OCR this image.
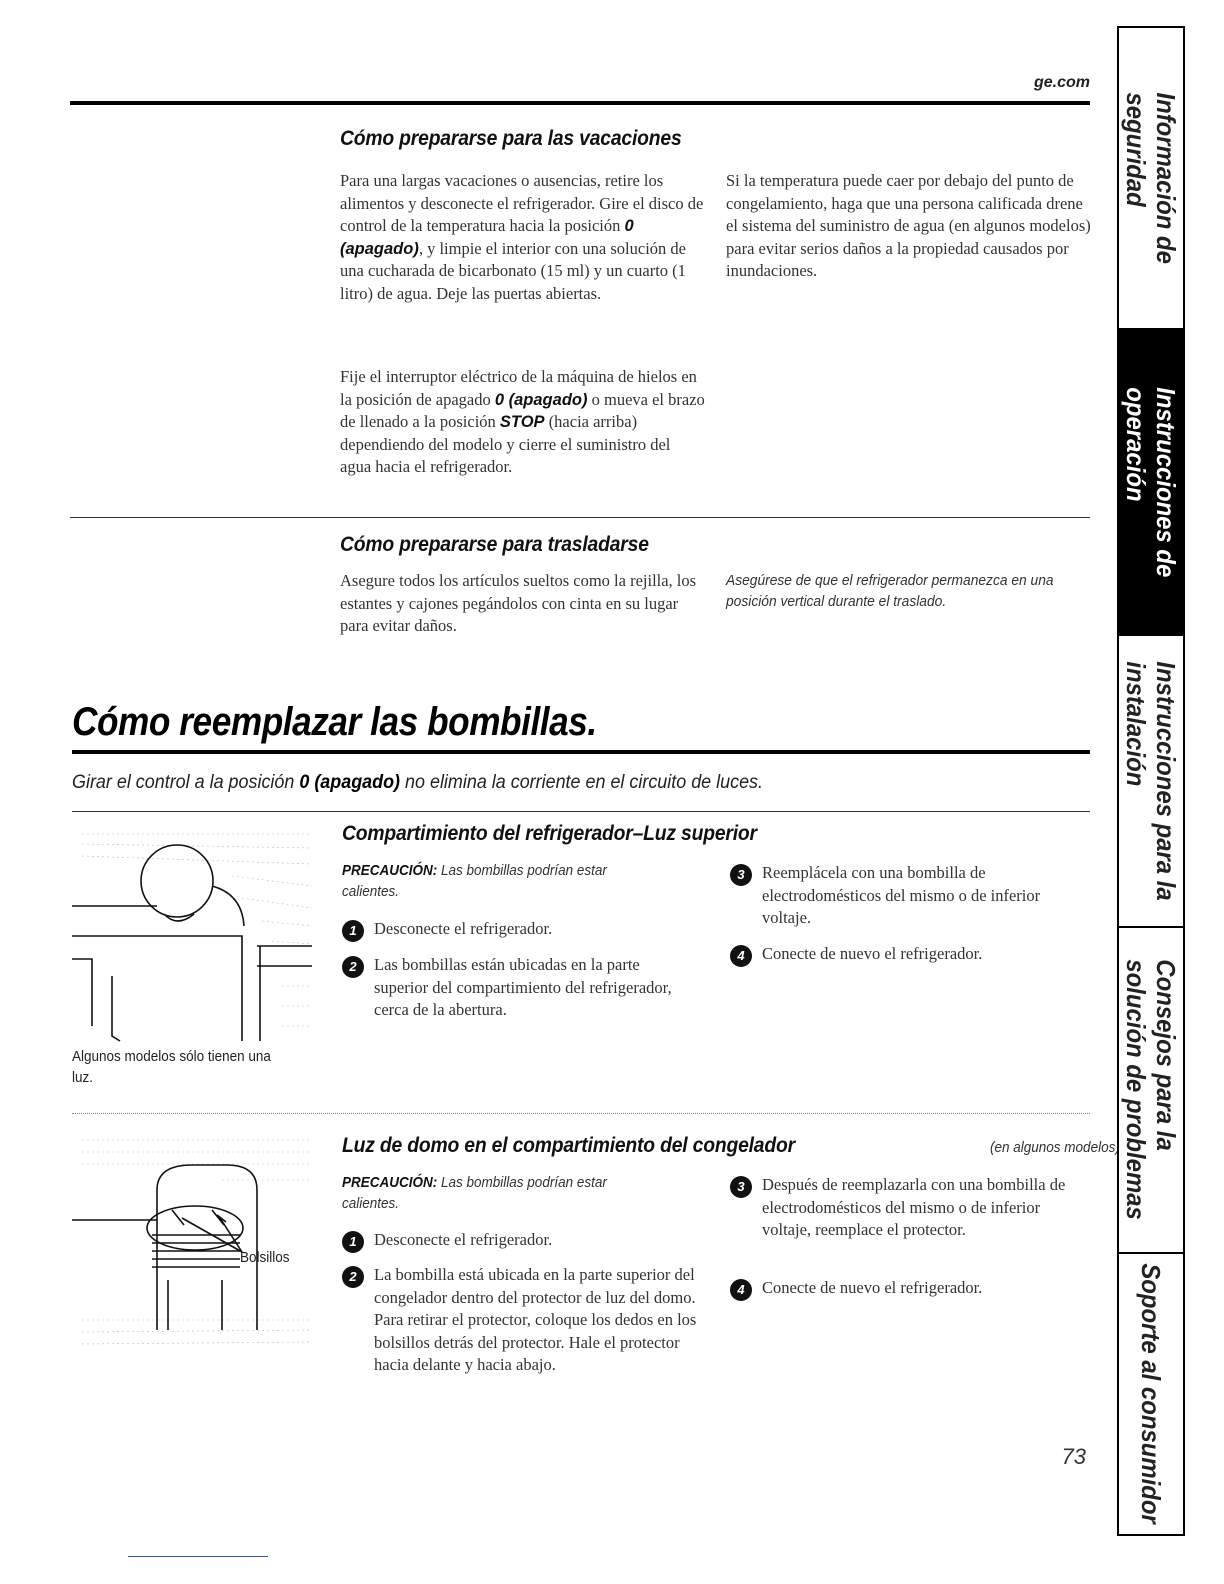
ge.com
Cómo prepararse para las vacaciones
Para una largas vacaciones o ausencias, retire los alimentos y desconecte el refrigerador. Gire el disco de control de la temperatura hacia la posición 0 (apagado), y limpie el interior con una solución de una cucharada de bicarbonato (15 ml) y un cuarto (1 litro) de agua. Deje las puertas abiertas.
Fije el interruptor eléctrico de la máquina de hielos en la posición de apagado 0 (apagado) o mueva el brazo de llenado a la posición STOP (hacia arriba) dependiendo del modelo y cierre el suministro del agua hacia el refrigerador.
Si la temperatura puede caer por debajo del punto de congelamiento, haga que una persona calificada drene el sistema del suministro de agua (en algunos modelos) para evitar serios daños a la propiedad causados por inundaciones.
Cómo prepararse para trasladarse
Asegure todos los artículos sueltos como la rejilla, los estantes y cajones pegándolos con cinta en su lugar para evitar daños.
Asegúrese de que el refrigerador permanezca en una posición vertical durante el traslado.
Cómo reemplazar las bombillas.
Girar el control a la posición 0 (apagado) no elimina la corriente en el circuito de luces.
Algunos modelos sólo tienen una luz.
Compartimiento del refrigerador–Luz superior
PRECAUCIÓN: Las bombillas podrían estar calientes.
1	Desconecte el refrigerador.
2	Las bombillas están ubicadas en la parte superior del compartimiento del refrigerador, cerca de la abertura.
3	Reemplácela con una bombilla de electrodomésticos del mismo o de inferior voltaje.
4	Conecte de nuevo el refrigerador.
Bolsillos
Luz de domo en el compartimiento del congelador	(en algunos modelos)
PRECAUCIÓN: Las bombillas podrían estar calientes.
1	Desconecte el refrigerador.
2	La bombilla está ubicada en la parte superior del congelador dentro del protector de luz del domo. Para retirar el protector, coloque los dedos en los bolsillos detrás del protector. Hale el protector hacia delante y hacia abajo.
3	Después de reemplazarla con una bombilla de electrodomésticos del mismo o de inferior voltaje, reemplace el protector.
4	Conecte de nuevo el refrigerador.
73
Información de
seguridad
Instrucciones de
operación
Instrucciones para la
instalación
Consejos para la
solución de problemas
Soporte al consumidor
